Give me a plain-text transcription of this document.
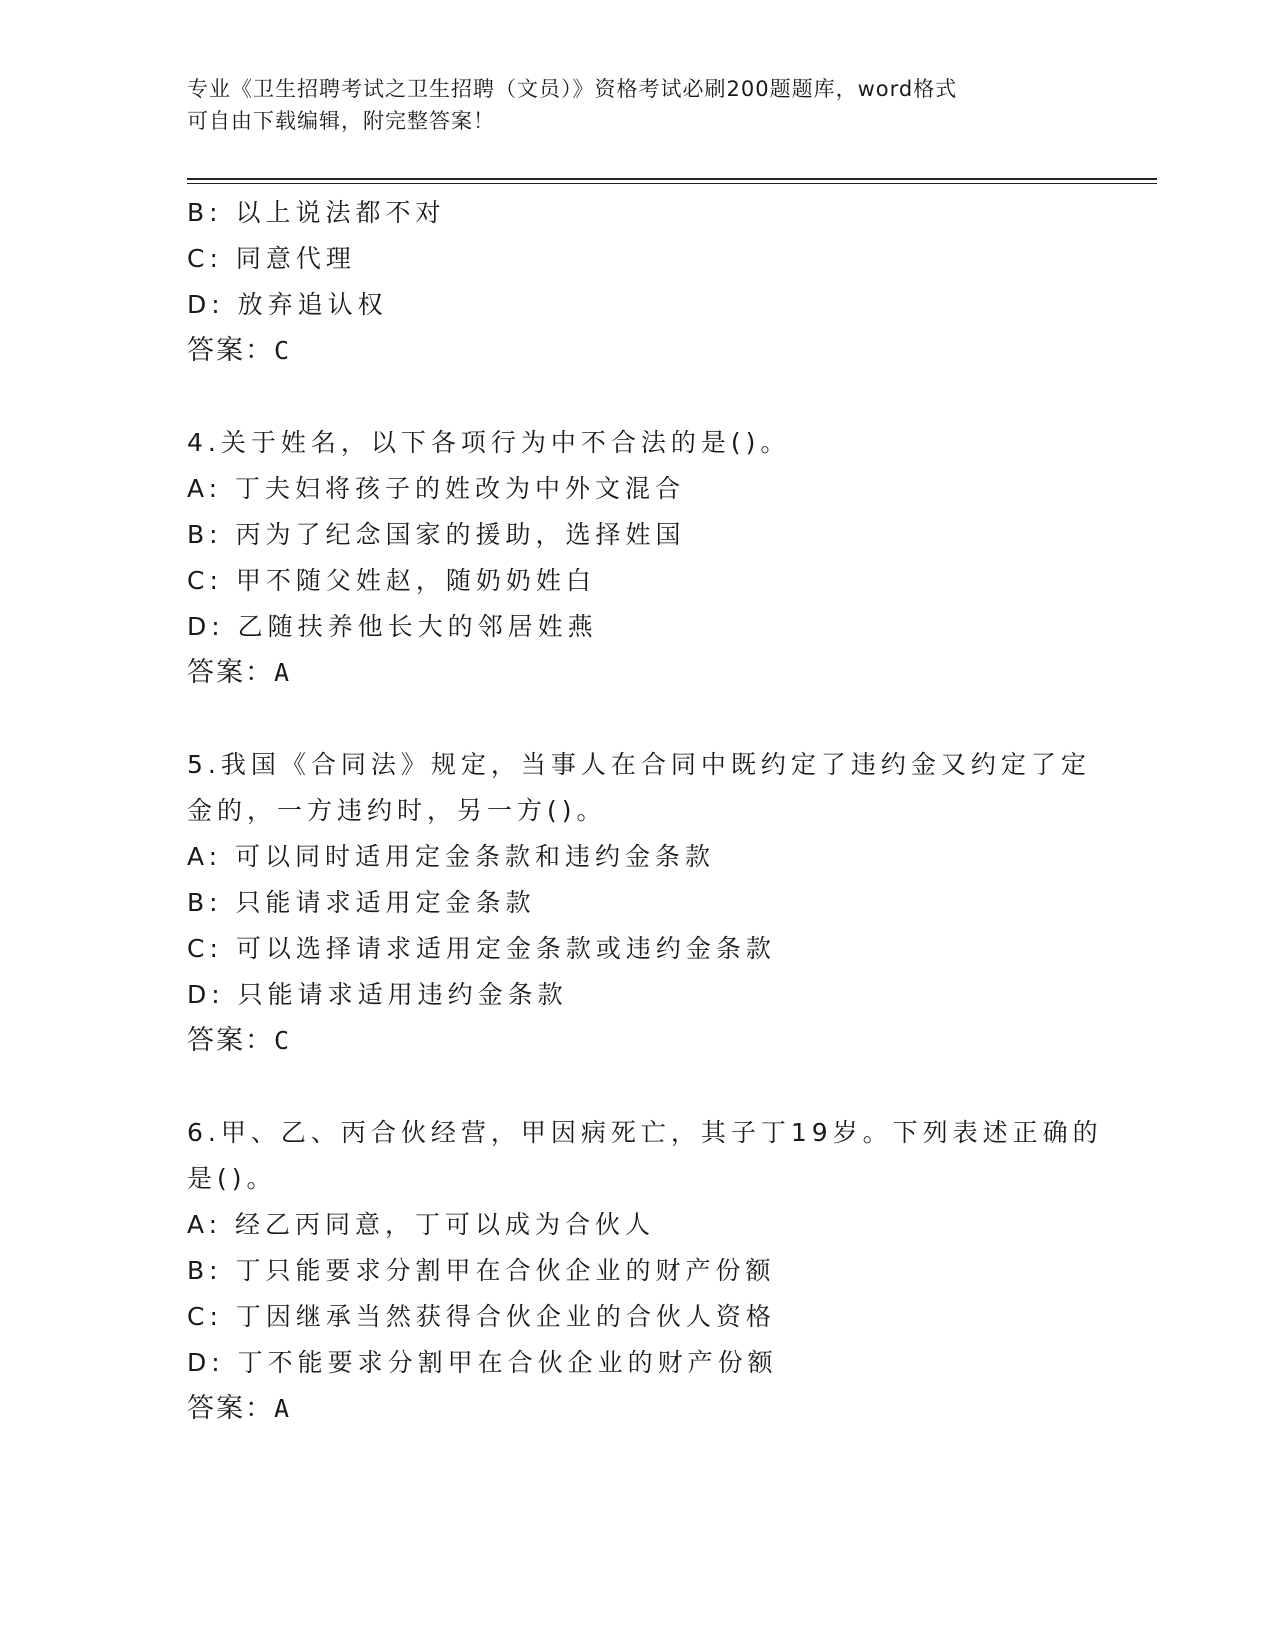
专业《卫生招聘考试之卫生招聘（文员）》资格考试必刷200题题库，word格式
可自由下载编辑，附完整答案！
B: 以上说法都不对
C: 同意代理
D: 放弃追认权
答案：C
4.关于姓名，以下各项行为中不合法的是()。
A: 丁夫妇将孩子的姓改为中外文混合
B: 丙为了纪念国家的援助，选择姓国
C: 甲不随父姓赵，随奶奶姓白
D: 乙随扶养他长大的邻居姓燕
答案：A
5.我国《合同法》规定，当事人在合同中既约定了违约金又约定了定
金的，一方违约时，另一方()。
A: 可以同时适用定金条款和违约金条款
B: 只能请求适用定金条款
C: 可以选择请求适用定金条款或违约金条款
D: 只能请求适用违约金条款
答案：C
6.甲、乙、丙合伙经营，甲因病死亡，其子丁19岁。下列表述正确的
是()。
A: 经乙丙同意，丁可以成为合伙人
B: 丁只能要求分割甲在合伙企业的财产份额
C: 丁因继承当然获得合伙企业的合伙人资格
D: 丁不能要求分割甲在合伙企业的财产份额
答案：A
